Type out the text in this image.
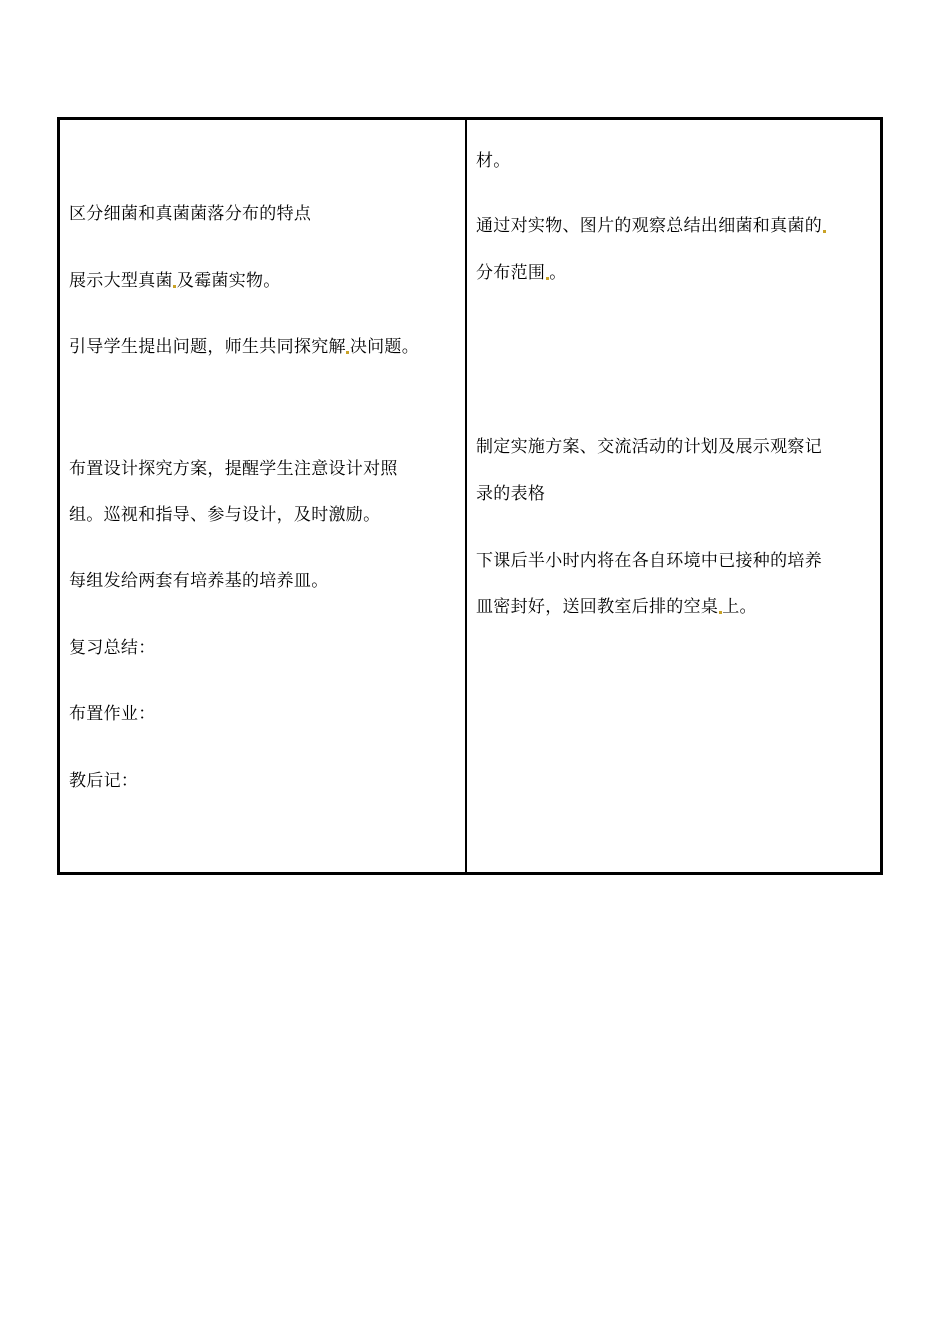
区分细菌和真菌菌落分布的特点
展示大型真菌 及霉菌实物。
引导学生提出问题，师生共同探究解 决问题。
布置设计探究方案，提醒学生注意设计对照
组。巡视和指导、参与设计，及时激励。
每组发给两套有培养基的培养皿。
复习总结：
布置作业：
教后记：
材。
通过对实物、图片的观察总结出细菌和真菌的
分布范围 。
制定实施方案、交流活动的计划及展示观察记
录的表格
下课后半小时内将在各自环境中已接种的培养
皿密封好，送回教室后排的空桌 上。
